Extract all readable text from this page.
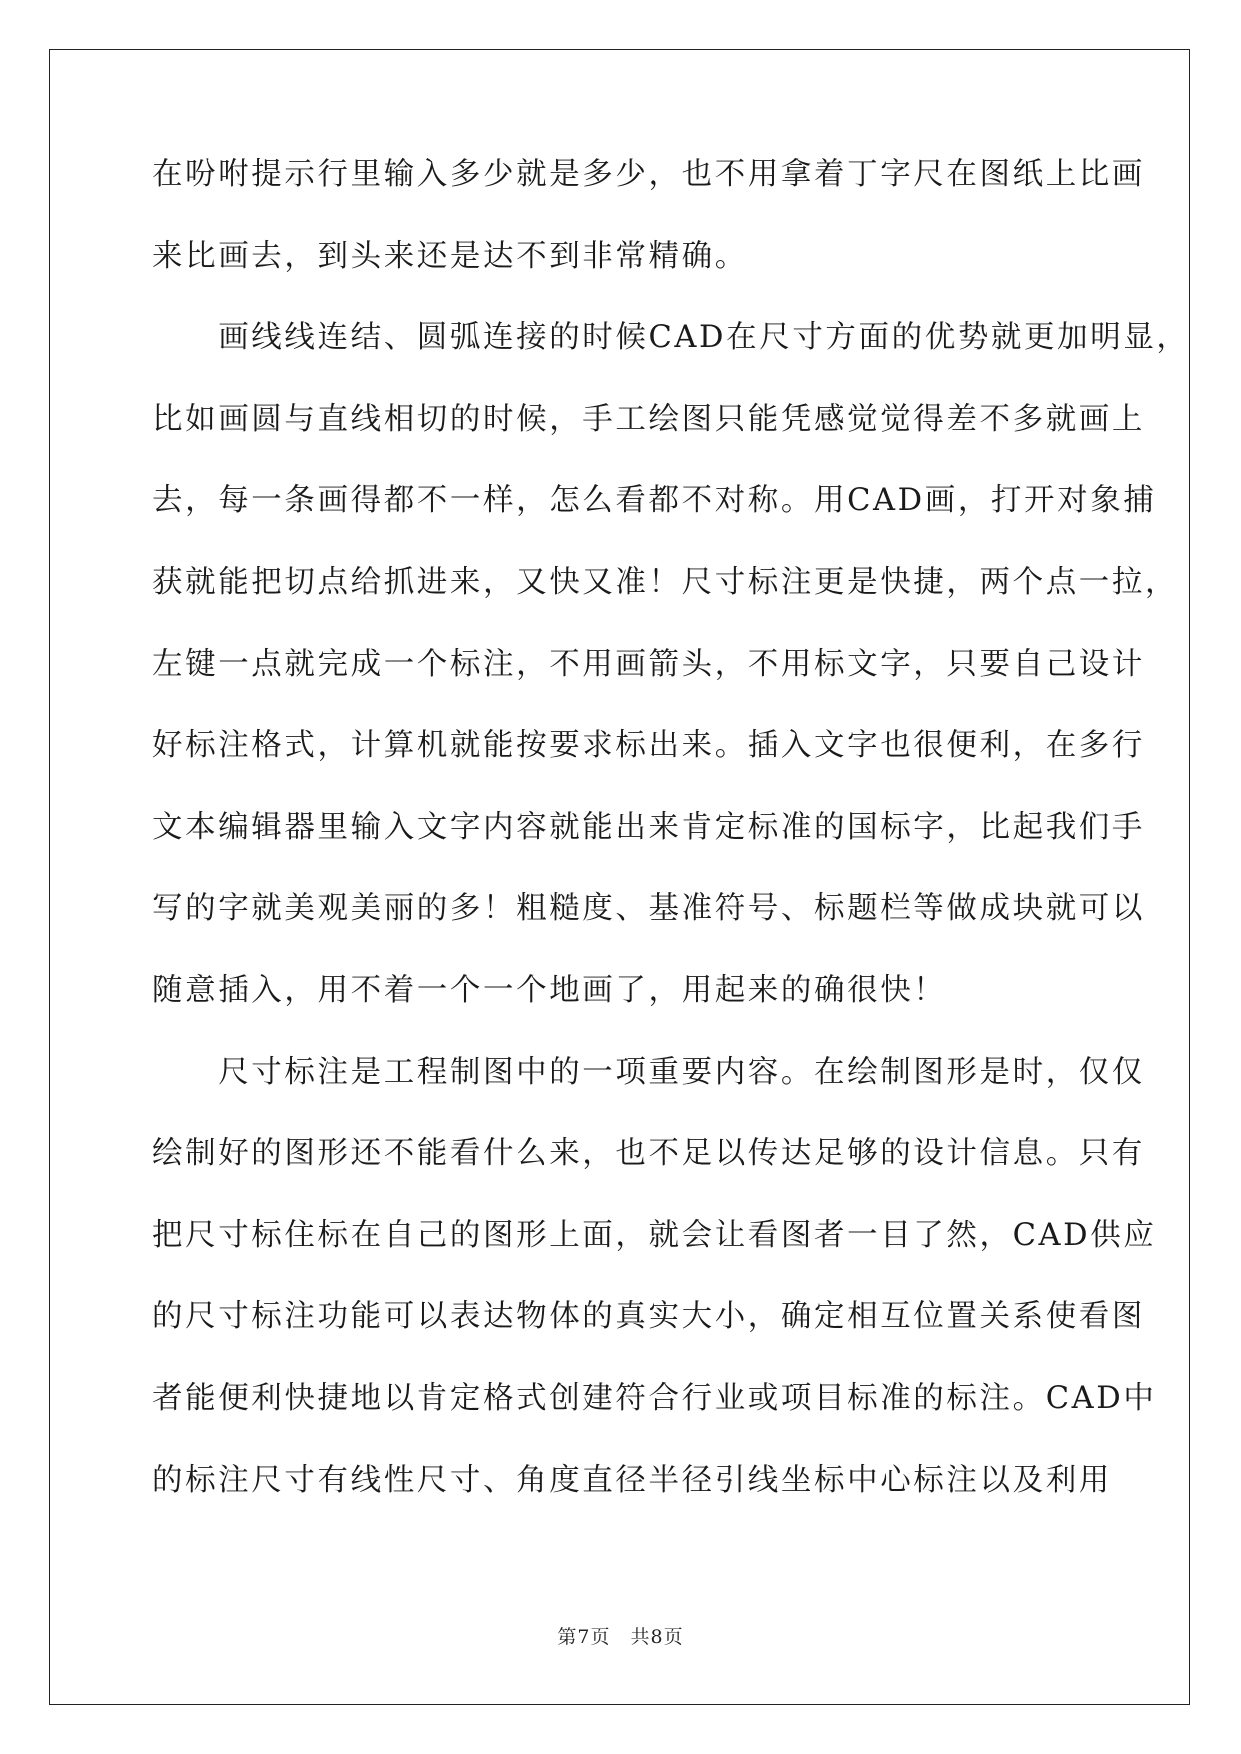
在吩咐提示行里输入多少就是多少，也不用拿着丁字尺在图纸上比画
来比画去，到头来还是达不到非常精确。
　　画线线连结、圆弧连接的时候CAD在尺寸方面的优势就更加明显，
比如画圆与直线相切的时候，手工绘图只能凭感觉觉得差不多就画上
去，每一条画得都不一样，怎么看都不对称。用CAD画，打开对象捕
获就能把切点给抓进来，又快又准！尺寸标注更是快捷，两个点一拉，
左键一点就完成一个标注，不用画箭头，不用标文字，只要自己设计
好标注格式，计算机就能按要求标出来。插入文字也很便利，在多行
文本编辑器里输入文字内容就能出来肯定标准的国标字，比起我们手
写的字就美观美丽的多！粗糙度、基准符号、标题栏等做成块就可以
随意插入，用不着一个一个地画了，用起来的确很快！
　　尺寸标注是工程制图中的一项重要内容。在绘制图形是时，仅仅
绘制好的图形还不能看什么来，也不足以传达足够的设计信息。只有
把尺寸标住标在自己的图形上面，就会让看图者一目了然，CAD供应
的尺寸标注功能可以表达物体的真实大小，确定相互位置关系使看图
者能便利快捷地以肯定格式创建符合行业或项目标准的标注。CAD中
的标注尺寸有线性尺寸、角度直径半径引线坐标中心标注以及利用
第7页 共8页
